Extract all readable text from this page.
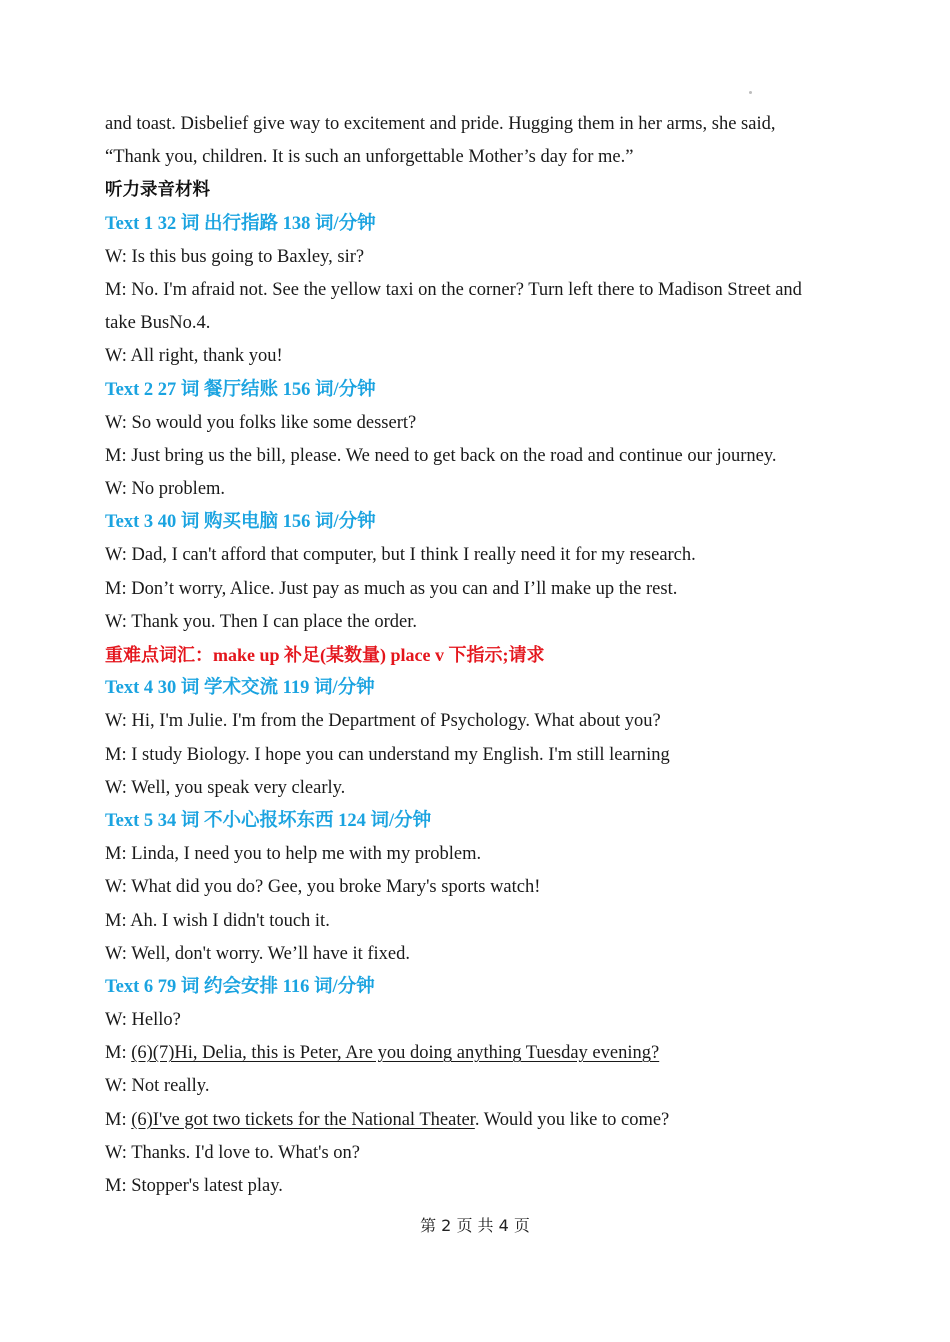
and toast. Disbelief give way to excitement and pride. Hugging them in her arms, she said,
“Thank you, children. It is such an unforgettable Mother’s day for me.”
听力录音材料
Text 1 32 词 出行指路 138 词/分钟
W: Is this bus going to Baxley, sir?
M: No. I'm afraid not. See the yellow taxi on the corner? Turn left there to Madison Street and
take BusNo.4.
W: All right, thank you!
Text 2 27 词 餐厅结账 156 词/分钟
W: So would you folks like some dessert?
M: Just bring us the bill, please. We need to get back on the road and continue our journey.
W: No problem.
Text 3 40 词 购买电脑 156 词/分钟
W: Dad, I can't afford that computer, but I think I really need it for my research.
M: Don’t worry, Alice. Just pay as much as you can and I’ll make up the rest.
W: Thank you. Then I can place the order.
重难点词汇：make up 补足(某数量) place v 下指示;请求
Text 4 30 词 学术交流 119 词/分钟
W: Hi, I'm Julie. I'm from the Department of Psychology. What about you?
M: I study Biology. I hope you can understand my English. I'm still learning
W: Well, you speak very clearly.
Text 5 34 词 不小心报坏东西 124 词/分钟
M: Linda, I need you to help me with my problem.
W: What did you do? Gee, you broke Mary's sports watch!
M: Ah. I wish I didn't touch it.
W: Well, don't worry. We’ll have it fixed.
Text 6 79 词 约会安排 116 词/分钟
W: Hello?
M: (6)(7)Hi, Delia, this is Peter, Are you doing anything Tuesday evening?
W: Not really.
M: (6)I've got two tickets for the National Theater. Would you like to come?
W: Thanks. I'd love to. What's on?
M: Stopper's latest play.
第 2 页 共 4 页
